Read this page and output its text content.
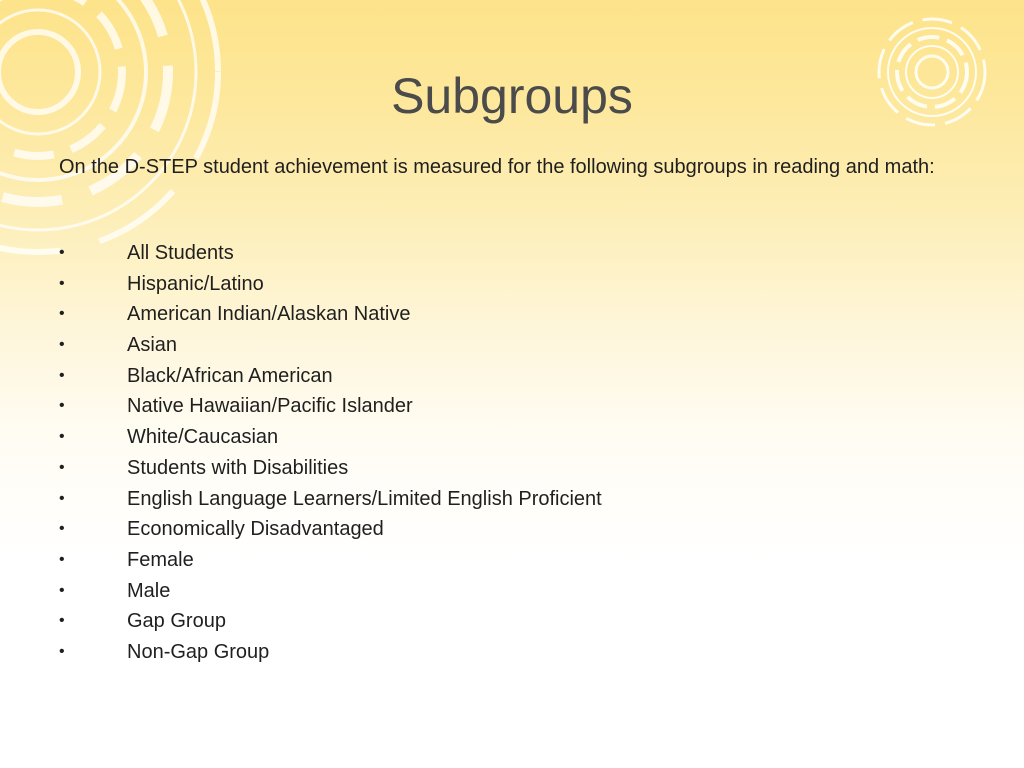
Subgroups

On the D-STEP student achievement is measured for the following subgroups in reading and math:

•	All Students
•	Hispanic/Latino
•	American Indian/Alaskan Native
•	Asian
•	Black/African American
•	Native Hawaiian/Pacific Islander
•	White/Caucasian
•	Students with Disabilities
•	English Language Learners/Limited English Proficient
•	Economically Disadvantaged
•	Female
•	Male
•	Gap Group
•	Non-Gap Group
